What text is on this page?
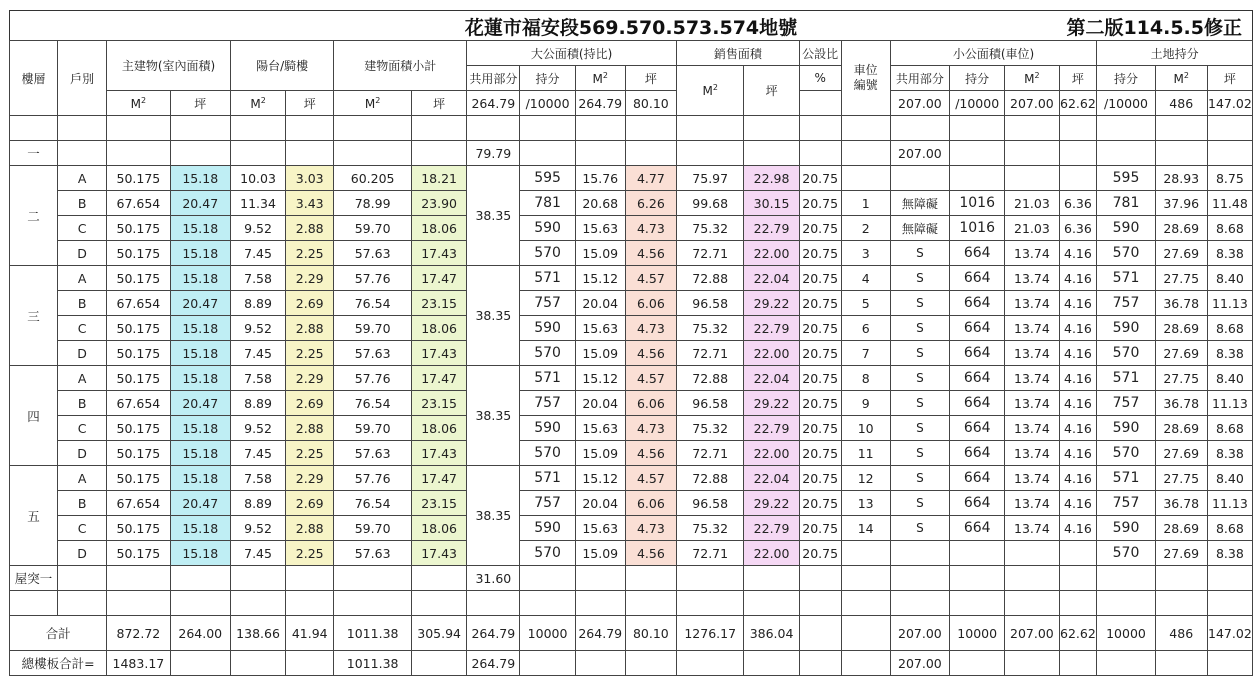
花蓮市福安段569.570.573.574地號	第二版114.5.5修正
樓層	戶別	主建物(室內面積)		陽台/騎樓		建物面積小計		大公面積(持比)				銷售面積		公設比	車位編號	小公面積(車位)				土地持分		
								共用部分	持分	$M^2$	坪	$M^2$	坪	%		共用部分	持分	$M^2$	坪	持分	$M^2$	坪
		$M^2$	坪	$M^2$	坪	$M^2$	坪	264.79	/10000	264.79	80.10					207.00	/10000	207.00	62.62	/10000	486	147.02

一								79.79								207.00						
二	A	50.175	15.18	10.03	3.03	60.205	18.21	38.35	595	15.76	4.77	75.97	22.98	20.75						595	28.93	8.75
	B	67.654	20.47	11.34	3.43	78.99	23.90		781	20.68	6.26	99.68	30.15	20.75	1	無障礙	1016	21.03	6.36	781	37.96	11.48
	C	50.175	15.18	9.52	2.88	59.70	18.06		590	15.63	4.73	75.32	22.79	20.75	2	無障礙	1016	21.03	6.36	590	28.69	8.68
	D	50.175	15.18	7.45	2.25	57.63	17.43		570	15.09	4.56	72.71	22.00	20.75	3	S	664	13.74	4.16	570	27.69	8.38
三	A	50.175	15.18	7.58	2.29	57.76	17.47	38.35	571	15.12	4.57	72.88	22.04	20.75	4	S	664	13.74	4.16	571	27.75	8.40
	B	67.654	20.47	8.89	2.69	76.54	23.15		757	20.04	6.06	96.58	29.22	20.75	5	S	664	13.74	4.16	757	36.78	11.13
	C	50.175	15.18	9.52	2.88	59.70	18.06		590	15.63	4.73	75.32	22.79	20.75	6	S	664	13.74	4.16	590	28.69	8.68
	D	50.175	15.18	7.45	2.25	57.63	17.43		570	15.09	4.56	72.71	22.00	20.75	7	S	664	13.74	4.16	570	27.69	8.38
四	A	50.175	15.18	7.58	2.29	57.76	17.47	38.35	571	15.12	4.57	72.88	22.04	20.75	8	S	664	13.74	4.16	571	27.75	8.40
	B	67.654	20.47	8.89	2.69	76.54	23.15		757	20.04	6.06	96.58	29.22	20.75	9	S	664	13.74	4.16	757	36.78	11.13
	C	50.175	15.18	9.52	2.88	59.70	18.06		590	15.63	4.73	75.32	22.79	20.75	10	S	664	13.74	4.16	590	28.69	8.68
	D	50.175	15.18	7.45	2.25	57.63	17.43		570	15.09	4.56	72.71	22.00	20.75	11	S	664	13.74	4.16	570	27.69	8.38
五	A	50.175	15.18	7.58	2.29	57.76	17.47	38.35	571	15.12	4.57	72.88	22.04	20.75	12	S	664	13.74	4.16	571	27.75	8.40
	B	67.654	20.47	8.89	2.69	76.54	23.15		757	20.04	6.06	96.58	29.22	20.75	13	S	664	13.74	4.16	757	36.78	11.13
	C	50.175	15.18	9.52	2.88	59.70	18.06		590	15.63	4.73	75.32	22.79	20.75	14	S	664	13.74	4.16	590	28.69	8.68
	D	50.175	15.18	7.45	2.25	57.63	17.43		570	15.09	4.56	72.71	22.00	20.75						570	27.69	8.38
屋突一								31.60														

合計		872.72	264.00	138.66	41.94	1011.38	305.94	264.79	10000	264.79	80.10	1276.17	386.04			207.00	10000	207.00	62.62	10000	486	147.02
總樓板合計=		1483.17				1011.38		264.79								207.00						
